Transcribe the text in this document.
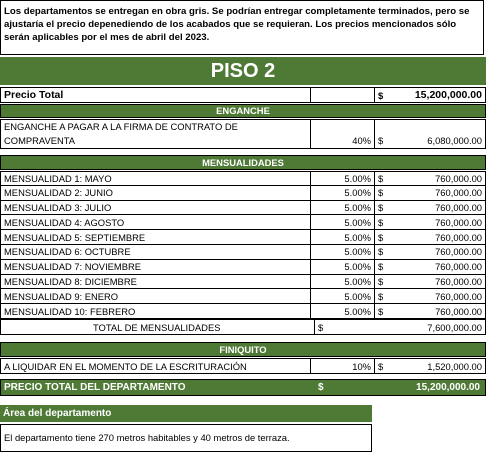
Los departamentos se entregan en obra gris. Se podrían entregar completamente terminados, pero se ajustaría el precio depenediendo de los acabados que se requieran. Los precios mencionados sólo serán aplicables por el mes de abril del 2023.
PISO 2
Precio Total	$	15,200,000.00
ENGANCHE
ENGANCHE A PAGAR A LA FIRMA DE CONTRATO DE
COMPRAVENTA	40% $	6,080,000.00
MENSUALIDADES
MENSUALIDAD 1: MAYO	5.00% $	760,000.00
MENSUALIDAD 2: JUNIO	5.00% $	760,000.00
MENSUALIDAD 3: JULIO	5.00% $	760,000.00
MENSUALIDAD 4: AGOSTO	5.00% $	760,000.00
MENSUALIDAD 5: SEPTIEMBRE	5.00% $	760,000.00
MENSUALIDAD 6: OCTUBRE	5.00% $	760,000.00
MENSUALIDAD 7: NOVIEMBRE	5.00% $	760,000.00
MENSUALIDAD 8: DICIEMBRE	5.00% $	760,000.00
MENSUALIDAD 9: ENERO	5.00% $	760,000.00
MENSUALIDAD 10: FEBRERO	5.00% $	760,000.00
TOTAL DE MENSUALIDADES	$	7,600,000.00
FINIQUITO
A LIQUIDAR EN EL MOMENTO DE LA ESCRITURACIÓN	10% $	1,520,000.00
PRECIO TOTAL DEL DEPARTAMENTO	$	15,200,000.00
Área del departamento
El departamento tiene 270 metros habitables y 40 metros de terraza.
